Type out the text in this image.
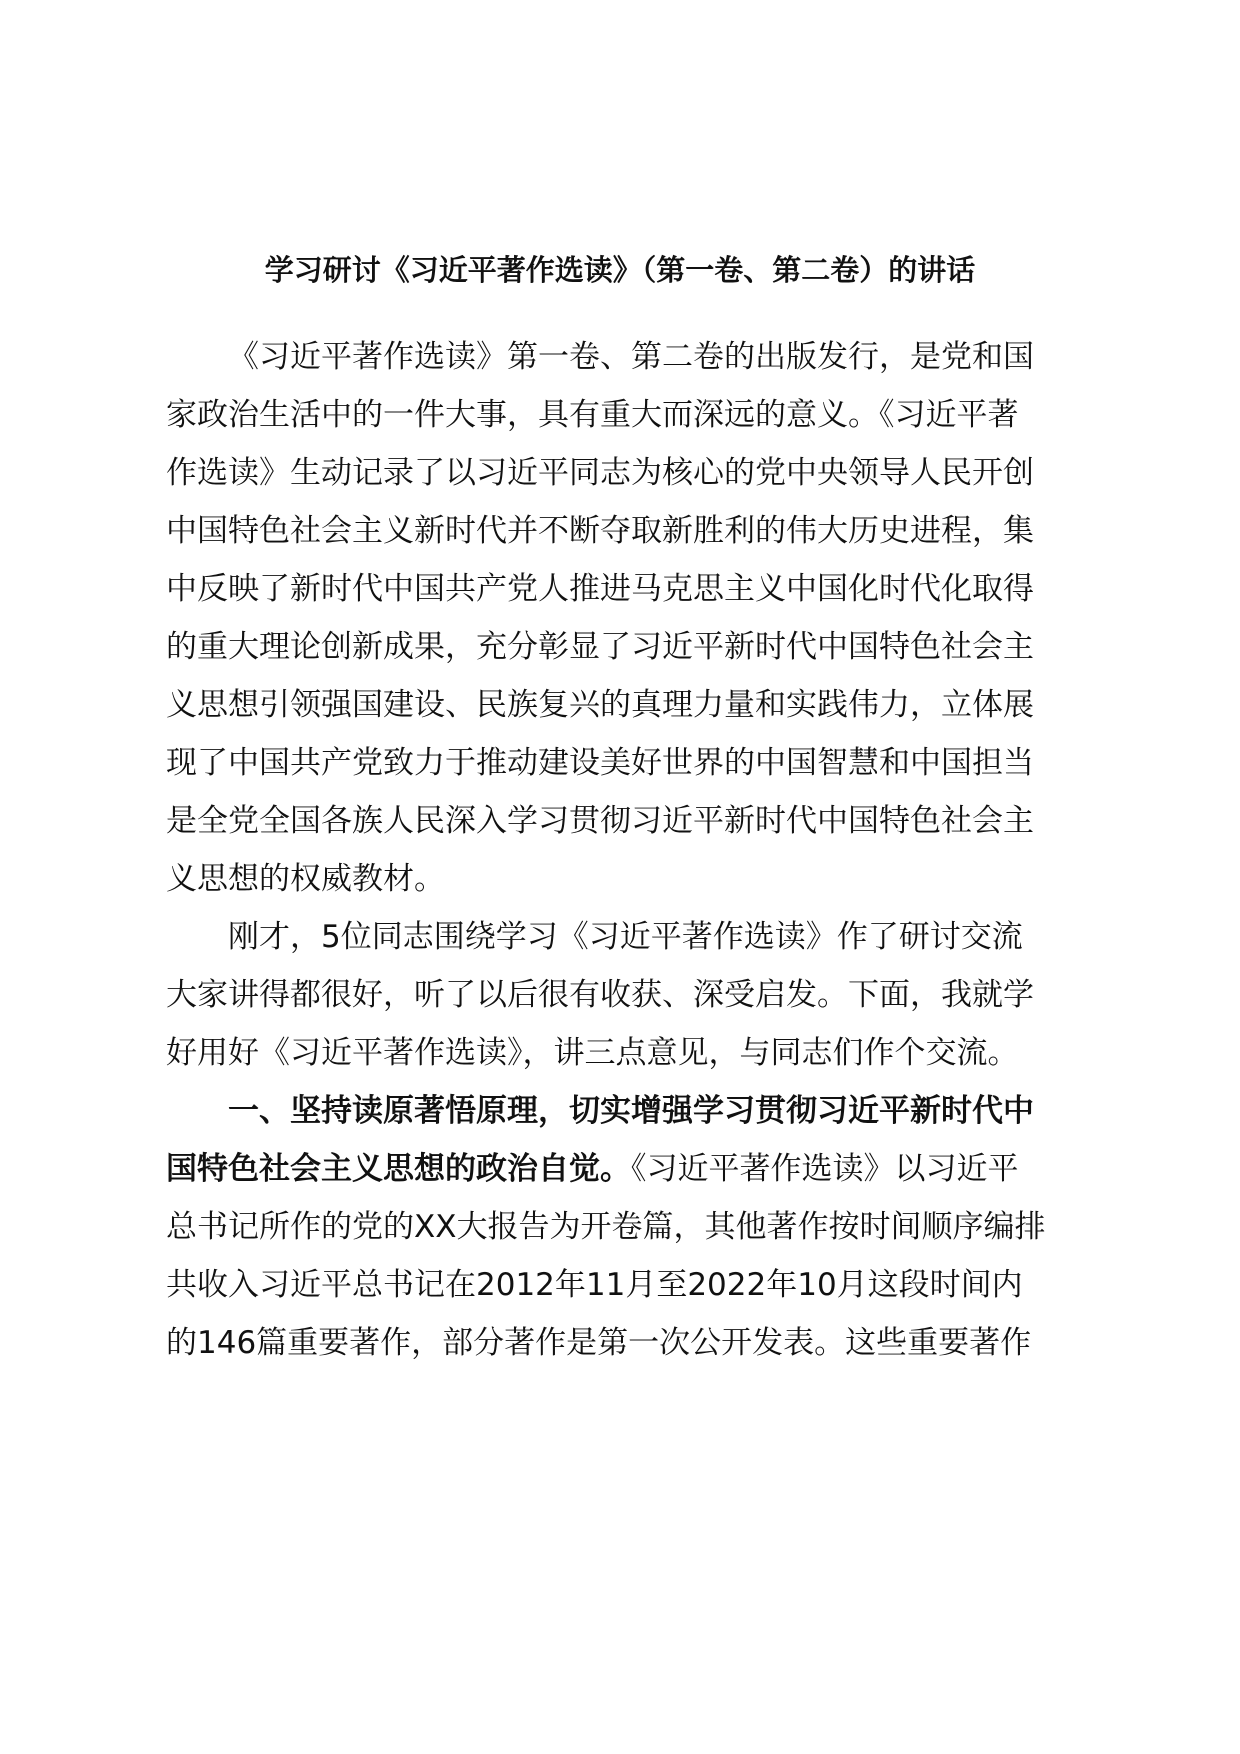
学习研讨《习近平著作选读》（第一卷、第二卷）的讲话
《习近平著作选读》第一卷、第二卷的出版发行，是党和国
家政治生活中的一件大事，具有重大而深远的意义。《习近平著
作选读》生动记录了以习近平同志为核心的党中央领导人民开创
中国特色社会主义新时代并不断夺取新胜利的伟大历史进程，集
中反映了新时代中国共产党人推进马克思主义中国化时代化取得
的重大理论创新成果，充分彰显了习近平新时代中国特色社会主
义思想引领强国建设、民族复兴的真理力量和实践伟力，立体展
现了中国共产党致力于推动建设美好世界的中国智慧和中国担当
是全党全国各族人民深入学习贯彻习近平新时代中国特色社会主
义思想的权威教材。
刚才，5位同志围绕学习《习近平著作选读》作了研讨交流
大家讲得都很好，听了以后很有收获、深受启发。下面，我就学
好用好《习近平著作选读》，讲三点意见，与同志们作个交流。
一、坚持读原著悟原理，切实增强学习贯彻习近平新时代中
国特色社会主义思想的政治自觉。《习近平著作选读》以习近平
总书记所作的党的XX大报告为开卷篇，其他著作按时间顺序编排
共收入习近平总书记在2012年11月至2022年10月这段时间内
的146篇重要著作，部分著作是第一次公开发表。这些重要著作
